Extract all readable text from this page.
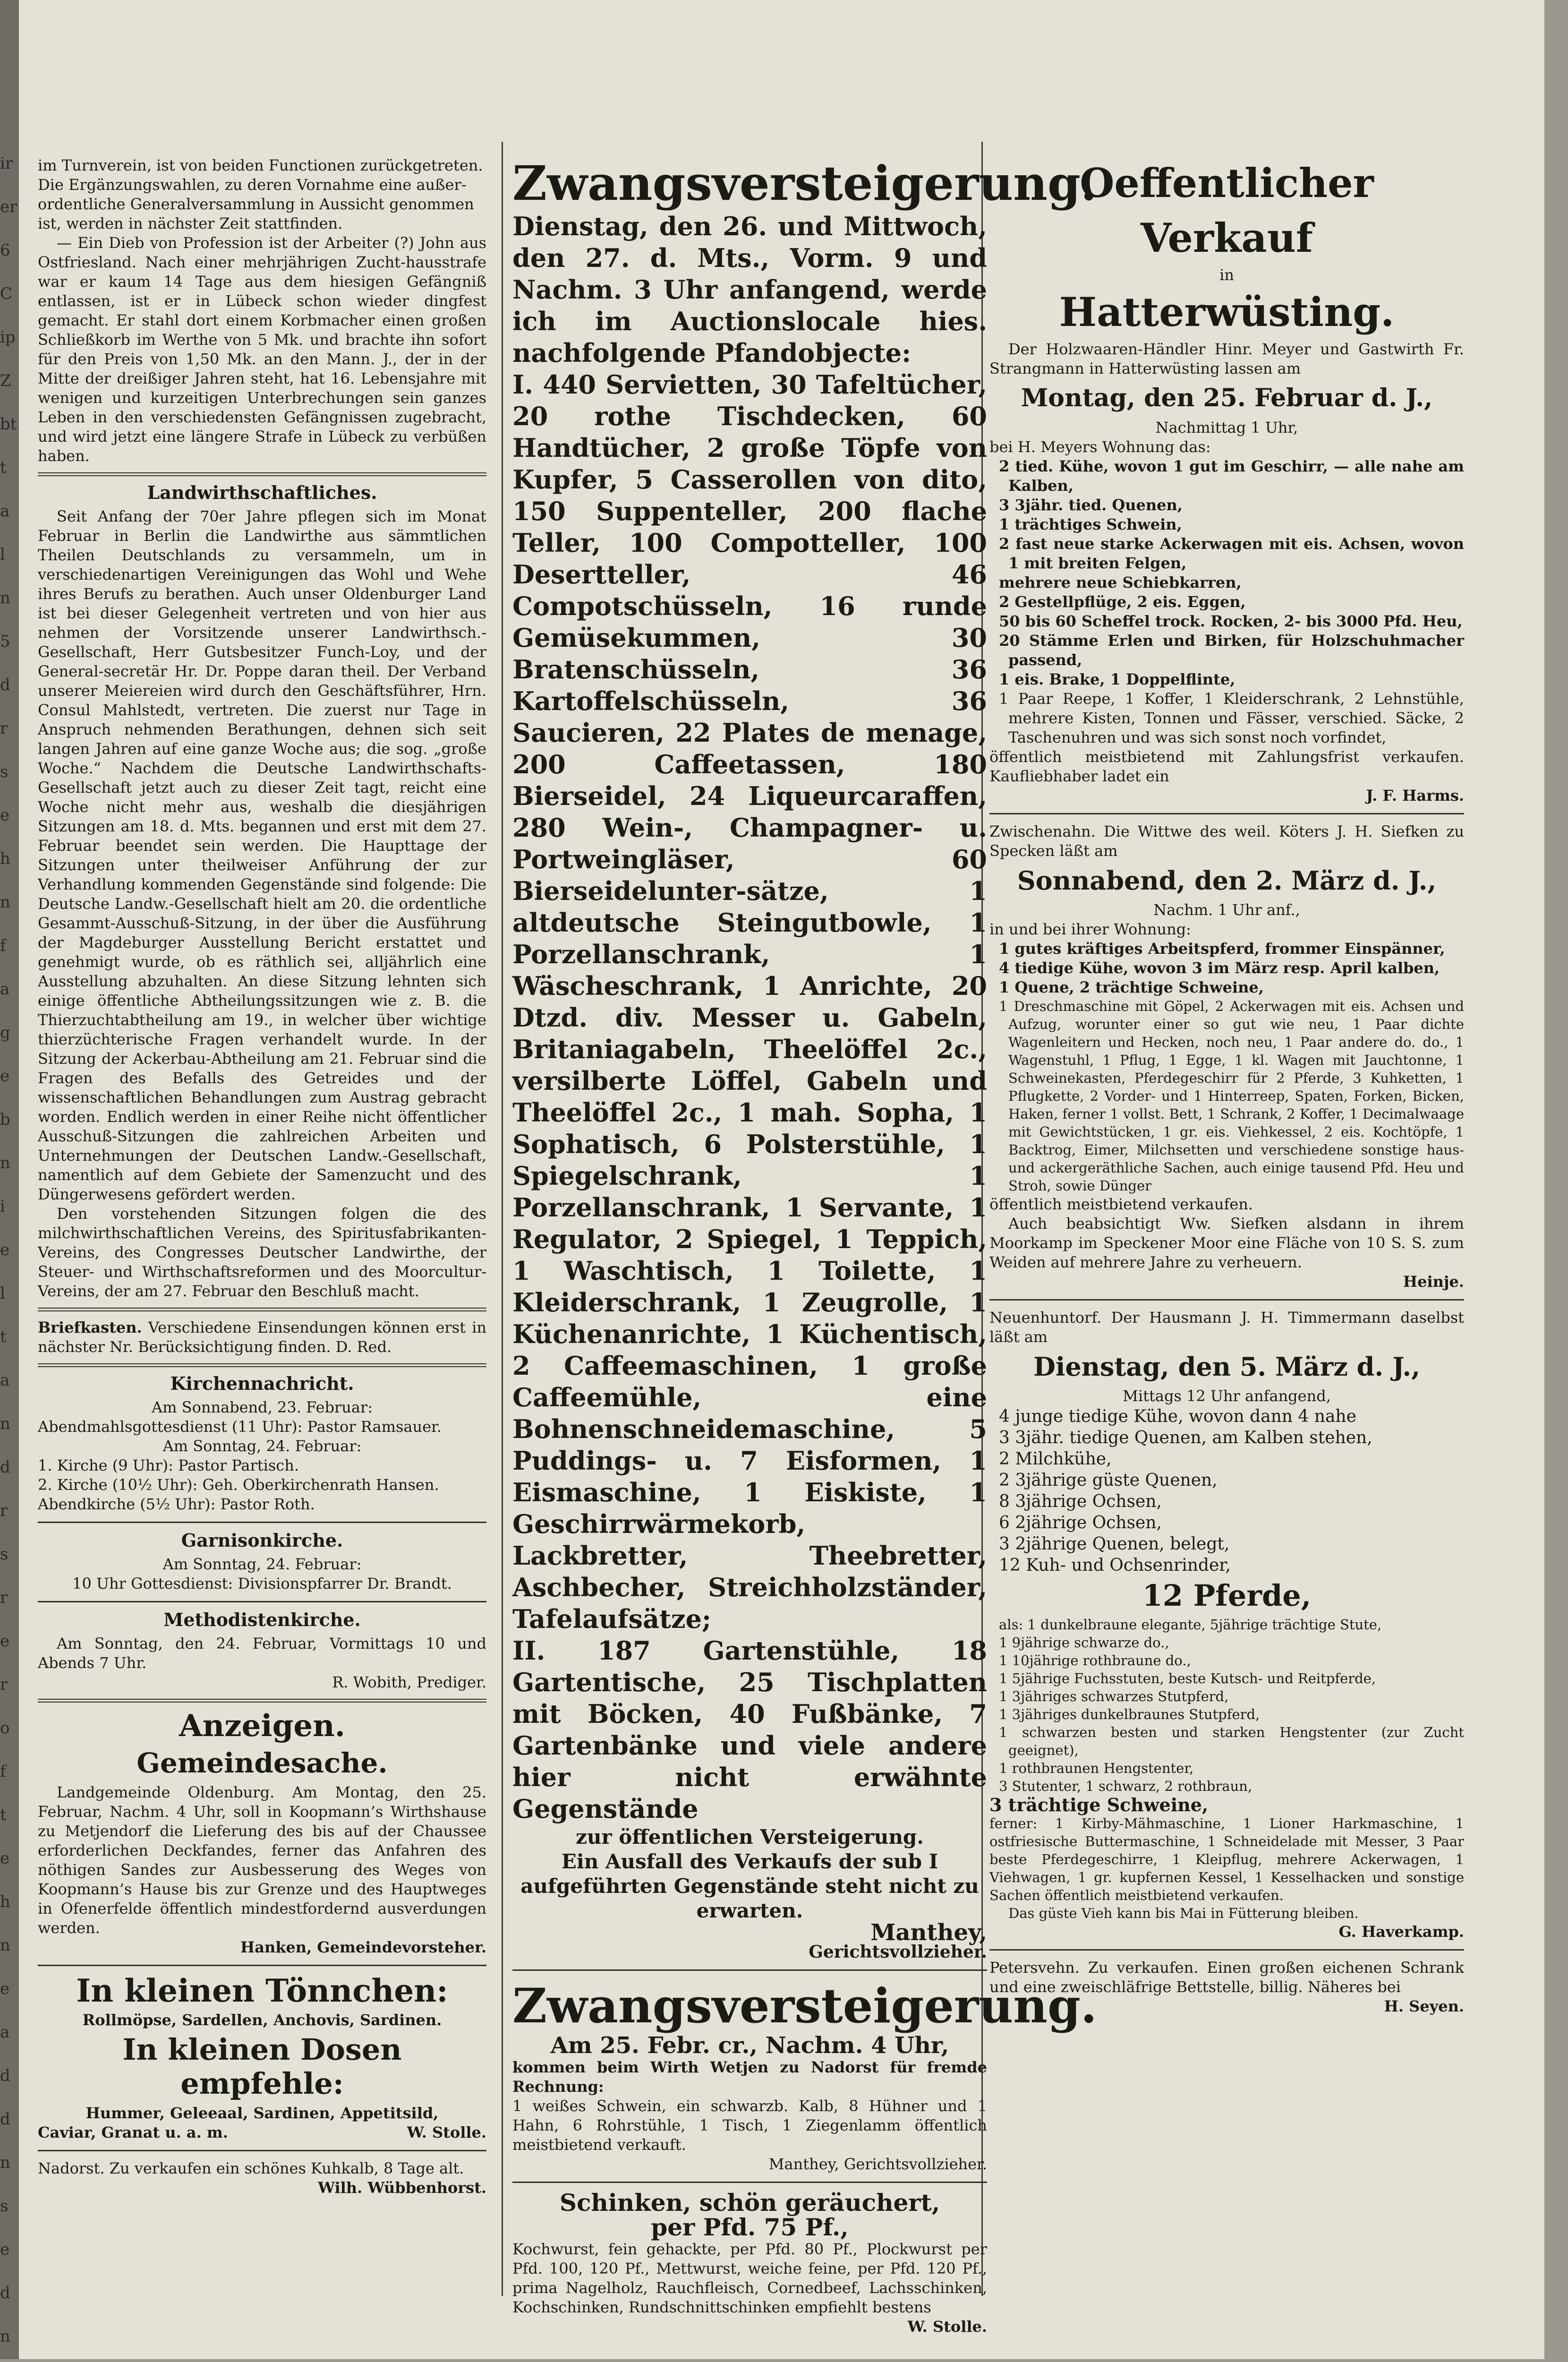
ir
er
6
C
ip
Z
bt
t
a
l
n
5
d
r
s
e
h
n
f
a
g
e
b
n
i
e
l
t
a
n
d
r
s
r
e
r
o
f
t
e
h
n
e
a
d
d
n
s
e
d
n

im Turnverein, ist von beiden Functionen zurückgetreten.

Die Ergänzungswahlen, zu deren Vornahme eine außer-

ordentliche Generalversammlung in Aussicht genommen

ist, werden in nächster Zeit stattfinden.

— Ein Dieb von Profession ist der Arbeiter (?) John aus Ostfriesland. Nach einer mehrjährigen Zucht-hausstrafe war er kaum 14 Tage aus dem hiesigen Gefängniß entlassen, ist er in Lübeck schon wieder dingfest gemacht. Er stahl dort einem Korbmacher einen großen Schließkorb im Werthe von 5 Mk. und brachte ihn sofort für den Preis von 1,50 Mk. an den Mann. J., der in der Mitte der dreißiger Jahren steht, hat 16. Lebensjahre mit wenigen und kurzeitigen Unterbrechungen sein ganzes Leben in den verschiedensten Gefängnissen zugebracht, und wird jetzt eine längere Strafe in Lübeck zu verbüßen haben.

Landwirthschaftliches.

Seit Anfang der 70er Jahre pflegen sich im Monat Februar in Berlin die Landwirthe aus sämmtlichen Theilen Deutschlands zu versammeln, um in verschiedenartigen Vereinigungen das Wohl und Wehe ihres Berufs zu berathen. Auch unser Oldenburger Land ist bei dieser Gelegenheit vertreten und von hier aus nehmen der Vorsitzende unserer Landwirthsch.-Gesellschaft, Herr Gutsbesitzer Funch-Loy, und der General-secretär Hr. Dr. Poppe daran theil. Der Verband unserer Meiereien wird durch den Geschäftsführer, Hrn. Consul Mahlstedt, vertreten. Die zuerst nur Tage in Anspruch nehmenden Berathungen, dehnen sich seit langen Jahren auf eine ganze Woche aus; die sog. „große Woche.“ Nachdem die Deutsche Landwirthschafts-Gesellschaft jetzt auch zu dieser Zeit tagt, reicht eine Woche nicht mehr aus, weshalb die diesjährigen Sitzungen am 18. d. Mts. begannen und erst mit dem 27. Februar beendet sein werden. Die Haupttage der Sitzungen unter theilweiser Anführung der zur Verhandlung kommenden Gegenstände sind folgende: Die Deutsche Landw.-Gesellschaft hielt am 20. die ordentliche Gesammt-Ausschuß-Sitzung, in der über die Ausführung der Magdeburger Ausstellung Bericht erstattet und genehmigt wurde, ob es räthlich sei, alljährlich eine Ausstellung abzuhalten. An diese Sitzung lehnten sich einige öffentliche Abtheilungssitzungen wie z. B. die Thierzuchtabtheilung am 19., in welcher über wichtige thierzüchterische Fragen verhandelt wurde. In der Sitzung der Ackerbau-Abtheilung am 21. Februar sind die Fragen des Befalls des Getreides und der wissenschaftlichen Behandlungen zum Austrag gebracht worden. Endlich werden in einer Reihe nicht öffentlicher Ausschuß-Sitzungen die zahlreichen Arbeiten und Unternehmungen der Deutschen Landw.-Gesellschaft, namentlich auf dem Gebiete der Samenzucht und des Düngerwesens gefördert werden.

Den vorstehenden Sitzungen folgen die des milchwirthschaftlichen Vereins, des Spiritusfabrikanten-Vereins, des Congresses Deutscher Landwirthe, der Steuer- und Wirthschaftsreformen und des Moorcultur-Vereins, der am 27. Februar den Beschluß macht.

Briefkasten. Verschiedene Einsendungen können erst in nächster Nr. Berücksichtigung finden. D. Red.

Kirchennachricht.

Am Sonnabend, 23. Februar:

Abendmahlsgottesdienst (11 Uhr): Pastor Ramsauer.

Am Sonntag, 24. Februar:

1. Kirche (9 Uhr): Pastor Partisch.

2. Kirche (10½ Uhr): Geh. Oberkirchenrath Hansen.

Abendkirche (5½ Uhr): Pastor Roth.

Garnisonkirche.

Am Sonntag, 24. Februar:

10 Uhr Gottesdienst: Divisionspfarrer Dr. Brandt.

Methodistenkirche.

Am Sonntag, den 24. Februar, Vormittags 10 und Abends 7 Uhr.

R. Wobith, Prediger.

Anzeigen.
Gemeindesache.

Landgemeinde Oldenburg. Am Montag, den 25. Februar, Nachm. 4 Uhr, soll in Koopmann’s Wirthshause zu Metjendorf die Lieferung des bis auf der Chaussee erforderlichen Deckfandes, ferner das Anfahren des nöthigen Sandes zur Ausbesserung des Weges von Koopmann’s Hause bis zur Grenze und des Hauptweges in Ofenerfelde öffentlich mindestfordernd ausverdungen werden.

Hanken, Gemeindevorsteher.

In kleinen Tönnchen:

Rollmöpse, Sardellen, Anchovis, Sardinen.

In kleinen Dosen empfehle:

Hummer, Geleeaal, Sardinen, Appetitsild,

Caviar, Granat u. a. m.	W. Stolle.

Nadorst. Zu verkaufen ein schönes Kuhkalb, 8 Tage alt.

Wilh. Wübbenhorst.

Zwangsversteigerung.

Dienstag, den 26. und Mittwoch, den 27. d. Mts., Vorm. 9 und Nachm. 3 Uhr anfangend, werde ich im Auctionslocale hies. nachfolgende Pfandobjecte:

I. 440 Servietten, 30 Tafeltücher, 20 rothe Tischdecken, 60 Handtücher, 2 große Töpfe von Kupfer, 5 Casserollen von dito, 150 Suppenteller, 200 flache Teller, 100 Compotteller, 100 Desertteller, 46 Compotschüsseln, 16 runde Gemüsekummen, 30 Bratenschüsseln, 36 Kartoffelschüsseln, 36 Saucieren, 22 Plates de menage, 200 Caffeetassen, 180 Bierseidel, 24 Liqueurcaraffen, 280 Wein-, Champagner- u. Portweingläser, 60 Bierseidelunter-sätze, 1 altdeutsche Steingutbowle, 1 Porzellanschrank, 1 Wäscheschrank, 1 Anrichte, 20 Dtzd. div. Messer u. Gabeln, Britaniagabeln, Theelöffel 2c., versilberte Löffel, Gabeln und Theelöffel 2c., 1 mah. Sopha, 1 Sophatisch, 6 Polsterstühle, 1 Spiegelschrank, 1 Porzellanschrank, 1 Servante, 1 Regulator, 2 Spiegel, 1 Teppich, 1 Waschtisch, 1 Toilette, 1 Kleiderschrank, 1 Zeugrolle, 1 Küchenanrichte, 1 Küchentisch, 2 Caffeemaschinen, 1 große Caffeemühle, eine Bohnenschneidemaschine, 5 Puddings- u. 7 Eisformen, 1 Eismaschine, 1 Eiskiste, 1 Geschirrwärmekorb, Lackbretter, Theebretter, Aschbecher, Streichholzständer, Tafelaufsätze;

II. 187 Gartenstühle, 18 Gartentische, 25 Tischplatten mit Böcken, 40 Fußbänke, 7 Gartenbänke und viele andere hier nicht erwähnte Gegenstände

zur öffentlichen Versteigerung.

Ein Ausfall des Verkaufs der sub I aufgeführten Gegenstände steht nicht zu erwarten.

Manthey,

Gerichtsvollzieher.

Zwangsversteigerung.

Am 25. Febr. cr., Nachm. 4 Uhr,

kommen beim Wirth Wetjen zu Nadorst für fremde Rechnung:

1 weißes Schwein, ein schwarzb. Kalb, 8 Hühner und 1 Hahn, 6 Rohrstühle, 1 Tisch, 1 Ziegenlamm öffentlich meistbietend verkauft.

Manthey, Gerichtsvollzieher.

Schinken, schön geräuchert,
per Pfd. 75 Pf.,

Kochwurst, fein gehackte, per Pfd. 80 Pf., Plockwurst per Pfd. 100, 120 Pf., Mettwurst, weiche feine, per Pfd. 120 Pf., prima Nagelholz, Rauchfleisch, Cornedbeef, Lachsschinken, Kochschinken, Rundschnittschinken empfiehlt bestens

W. Stolle.

Oeffentlicher Verkauf

in

Hatterwüsting.

Der Holzwaaren-Händler Hinr. Meyer und Gastwirth Fr. Strangmann in Hatterwüsting lassen am

Montag, den 25. Februar d. J.,

Nachmittag 1 Uhr,

bei H. Meyers Wohnung das:

2 tied. Kühe, wovon 1 gut im Geschirr, — alle nahe am Kalben,

3 3jähr. tied. Quenen,

1 trächtiges Schwein,

2 fast neue starke Ackerwagen mit eis. Achsen, wovon 1 mit breiten Felgen,

mehrere neue Schiebkarren,

2 Gestellpflüge, 2 eis. Eggen,

50 bis 60 Scheffel trock. Rocken, 2- bis 3000 Pfd. Heu,

20 Stämme Erlen und Birken, für Holzschuhmacher passend,

1 eis. Brake, 1 Doppelflinte,

1 Paar Reepe, 1 Koffer, 1 Kleiderschrank, 2 Lehnstühle, mehrere Kisten, Tonnen und Fässer, verschied. Säcke, 2 Taschenuhren und was sich sonst noch vorfindet,

öffentlich meistbietend mit Zahlungsfrist verkaufen. Kaufliebhaber ladet ein

J. F. Harms.

Zwischenahn. Die Wittwe des weil. Köters J. H. Siefken zu Specken läßt am

Sonnabend, den 2. März d. J.,

Nachm. 1 Uhr anf.,

in und bei ihrer Wohnung:

1 gutes kräftiges Arbeitspferd, frommer Einspänner,

4 tiedige Kühe, wovon 3 im März resp. April kalben,

1 Quene, 2 trächtige Schweine,

1 Dreschmaschine mit Göpel, 2 Ackerwagen mit eis. Achsen und Aufzug, worunter einer so gut wie neu, 1 Paar dichte Wagenleitern und Hecken, noch neu, 1 Paar andere do. do., 1 Wagenstuhl, 1 Pflug, 1 Egge, 1 kl. Wagen mit Jauchtonne, 1 Schweinekasten, Pferdegeschirr für 2 Pferde, 3 Kuhketten, 1 Pflugkette, 2 Vorder- und 1 Hinterreep, Spaten, Forken, Bicken, Haken, ferner 1 vollst. Bett, 1 Schrank, 2 Koffer, 1 Decimalwaage mit Gewichtstücken, 1 gr. eis. Viehkessel, 2 eis. Kochtöpfe, 1 Backtrog, Eimer, Milchsetten und verschiedene sonstige haus- und ackergeräthliche Sachen, auch einige tausend Pfd. Heu und Stroh, sowie Dünger

öffentlich meistbietend verkaufen.

Auch beabsichtigt Ww. Siefken alsdann in ihrem Moorkamp im Speckener Moor eine Fläche von 10 S. S. zum Weiden auf mehrere Jahre zu verheuern.

Heinje.

Neuenhuntorf. Der Hausmann J. H. Timmermann daselbst läßt am

Dienstag, den 5. März d. J.,

Mittags 12 Uhr anfangend,

4 junge tiedige Kühe, wovon dann 4 nahe

3 3jähr. tiedige Quenen, am Kalben stehen,

2 Milchkühe,

2 3jährige güste Quenen,

8 3jährige Ochsen,

6 2jährige Ochsen,

3 2jährige Quenen, belegt,

12 Kuh- und Ochsenrinder,

12 Pferde,

als: 1 dunkelbraune elegante, 5jährige trächtige Stute,

1 9jährige schwarze do.,

1 10jährige rothbraune do.,

1 5jährige Fuchsstuten, beste Kutsch- und Reitpferde,

1 3jähriges schwarzes Stutpferd,

1 3jähriges dunkelbraunes Stutpferd,

1 schwarzen besten und starken Hengstenter (zur Zucht geeignet),

1 rothbraunen Hengstenter,

3 Stutenter, 1 schwarz, 2 rothbraun,

3 trächtige Schweine,

ferner: 1 Kirby-Mähmaschine, 1 Lioner Harkmaschine, 1 ostfriesische Buttermaschine, 1 Schneidelade mit Messer, 3 Paar beste Pferdegeschirre, 1 Kleipflug, mehrere Ackerwagen, 1 Viehwagen, 1 gr. kupfernen Kessel, 1 Kesselhacken und sonstige Sachen öffentlich meistbietend verkaufen.

Das güste Vieh kann bis Mai in Fütterung bleiben.

G. Haverkamp.

Petersvehn. Zu verkaufen. Einen großen eichenen Schrank und eine zweischläfrige Bettstelle, billig. Näheres bei

H. Seyen.
